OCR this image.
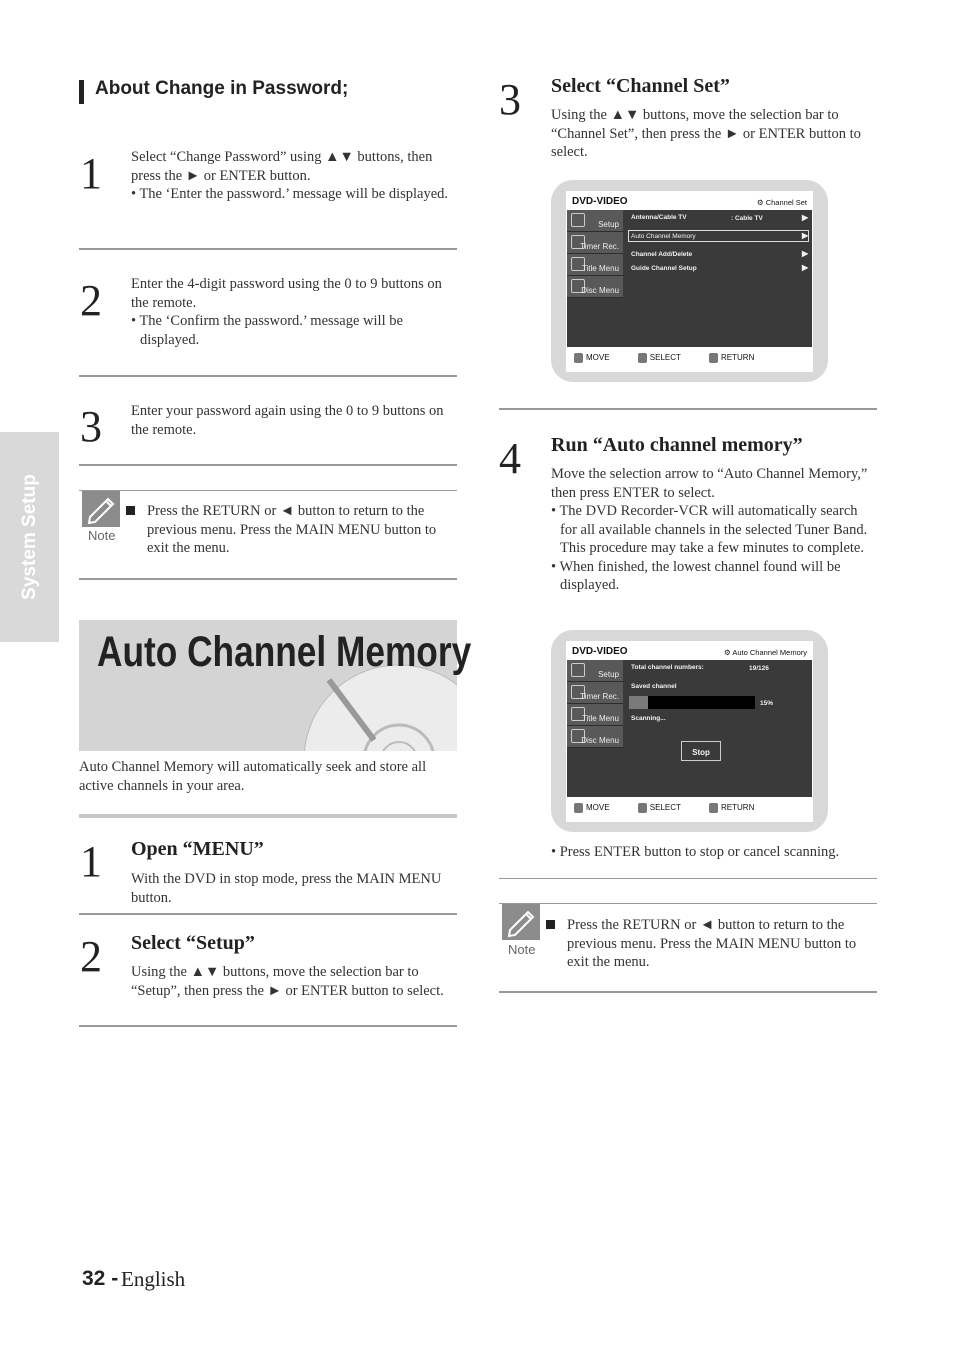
System Setup
About Change in Password;
1 Select “Change Password” using ▲▼ buttons, then press the ► or ENTER button.
• The ‘Enter the password.’ message will be displayed.
2 Enter the 4-digit password using the 0 to 9 buttons on the remote.
• The ‘Confirm the password.’ message will be displayed.
3 Enter your password again using the 0 to 9 buttons on the remote.
Note
Press the RETURN or ◄ button to return to the previous menu. Press the MAIN MENU button to exit the menu.
Auto Channel Memory
Auto Channel Memory will automatically seek and store all active channels in your area.
1 Open “MENU”
With the DVD in stop mode, press the MAIN MENU button.
2 Select “Setup”
Using the ▲▼ buttons, move the selection bar to “Setup”, then press the ► or ENTER button to select.
3 Select “Channel Set”
Using the ▲▼ buttons, move the selection bar to “Channel Set”, then press the ► or ENTER button to select.
DVD-VIDEO	⚙ Channel Set
Setup
Timer Rec.
Title Menu
Disc Menu
Antenna/Cable TV	: Cable TV	▶
Auto Channel Memory	▶
Channel Add/Delete	▶
Guide Channel Setup	▶
MOVE	SELECT	RETURN
4 Run “Auto channel memory”
Move the selection arrow to “Auto Channel Memory,” then press ENTER to select.
• The DVD Recorder-VCR will automatically search for all available channels in the selected Tuner Band. This procedure may take a few minutes to complete.
• When finished, the lowest channel found will be displayed.
DVD-VIDEO	⚙ Auto Channel Memory
Setup
Timer Rec.
Title Menu
Disc Menu
Total channel numbers:	19/126
Saved channel
15%
Scanning...
Stop
MOVE	SELECT	RETURN
• Press ENTER button to stop or cancel scanning.
Note
Press the RETURN or ◄ button to return to the previous menu. Press the MAIN MENU button to exit the menu.
32 - English
